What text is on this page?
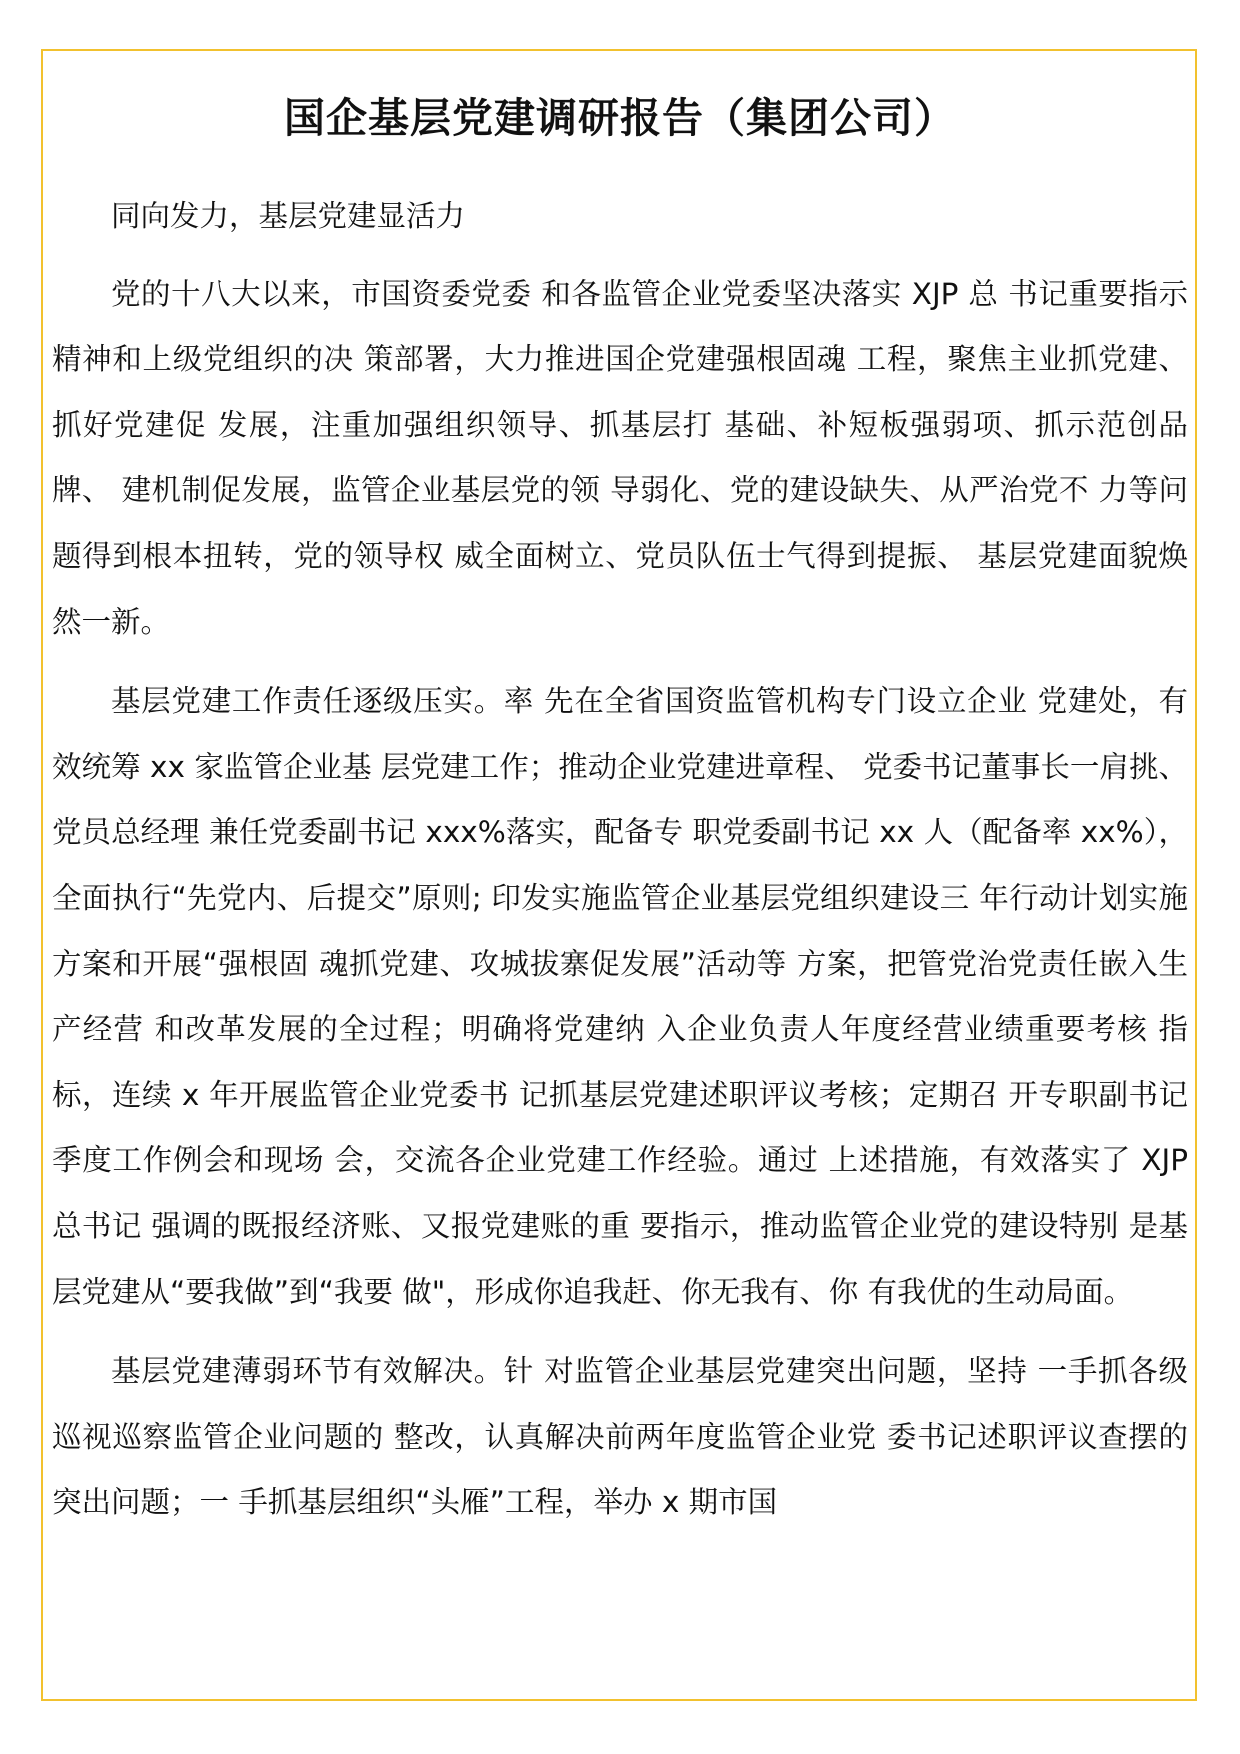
国企基层党建调研报告（集团公司）

同向发力，基层党建显活力

党的十八大以来，市国资委党委 和各监管企业党委坚决落实 XJP 总 书记重要指示精神和上级党组织的决 策部署，大力推进国企党建强根固魂 工程，聚焦主业抓党建、抓好党建促 发展，注重加强组织领导、抓基层打 基础、补短板强弱项、抓示范创品牌、 建机制促发展，监管企业基层党的领 导弱化、党的建设缺失、从严治党不 力等问题得到根本扭转，党的领导权 威全面树立、党员队伍士气得到提振、 基层党建面貌焕然一新。

基层党建工作责任逐级压实。率 先在全省国资监管机构专门设立企业 党建处，有效统筹 xx 家监管企业基 层党建工作；推动企业党建进章程、 党委书记董事长一肩挑、党员总经理 兼任党委副书记 xxx%落实，配备专 职党委副书记 xx 人（配备率 xx%）， 全面执行“先党内、后提交”原则; 印发实施监管企业基层党组织建设三 年行动计划实施方案和开展“强根固 魂抓党建、攻城拔寨促发展”活动等 方案，把管党治党责任嵌入生产经营 和改革发展的全过程；明确将党建纳 入企业负责人年度经营业绩重要考核 指标，连续 x 年开展监管企业党委书 记抓基层党建述职评议考核；定期召 开专职副书记季度工作例会和现场 会，交流各企业党建工作经验。通过 上述措施，有效落实了 XJP 总书记 强调的既报经济账、又报党建账的重 要指示，推动监管企业党的建设特别 是基层党建从“要我做”到“我要 做"，形成你追我赶、你无我有、你 有我优的生动局面。

基层党建薄弱环节有效解决。针 对监管企业基层党建突出问题，坚持 一手抓各级巡视巡察监管企业问题的 整改，认真解决前两年度监管企业党 委书记述职评议查摆的突出问题；一 手抓基层组织“头雁”工程，举办 x 期市国
